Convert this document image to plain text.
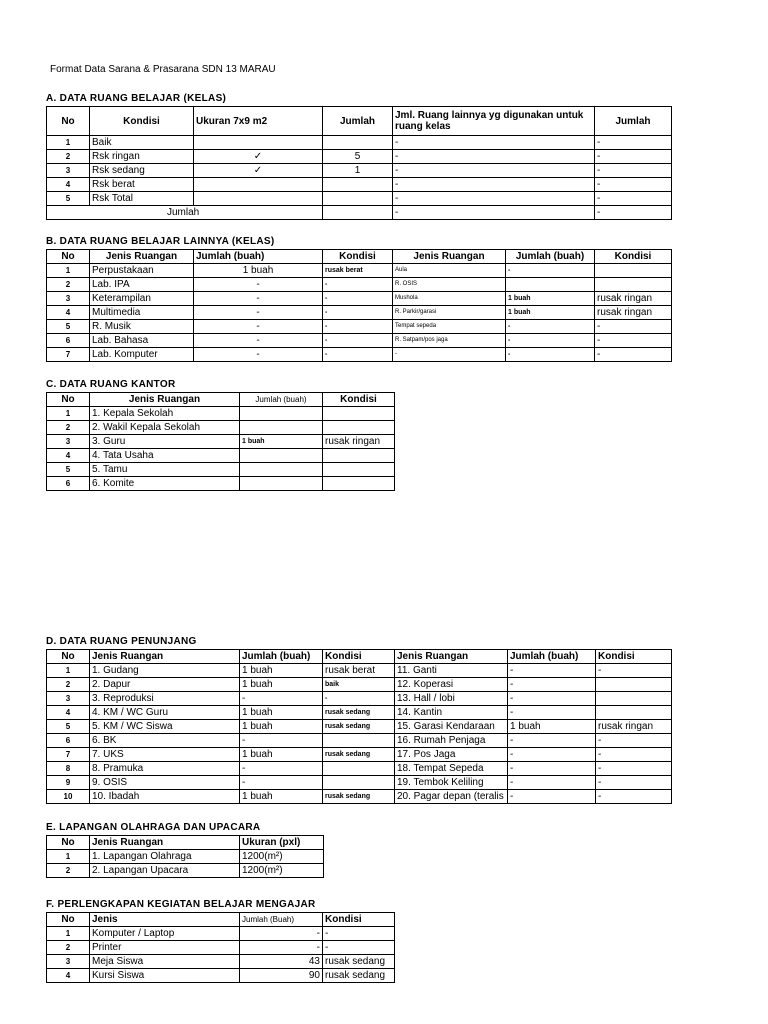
Format Data Sarana & Prasarana SDN 13 MARAU
A. DATA RUANG BELAJAR (KELAS)
No	Kondisi	Ukuran 7x9 m2	Jumlah	Jml. Ruang lainnya yg digunakan untuk ruang kelas	Jumlah
1	Baik			-	-
2	Rsk ringan	✓	5	-	-
3	Rsk sedang	✓	1	-	-
4	Rsk berat			-	-
5	Rsk Total			-	-
Jumlah				-	-
B. DATA RUANG BELAJAR LAINNYA (KELAS)
No	Jenis Ruangan	Jumlah (buah)	Kondisi	Jenis Ruangan	Jumlah (buah)	Kondisi
1	Perpustakaan	1 buah	rusak berat	Aula	-	
2	Lab. IPA	-	-	R. OSIS		
3	Keterampilan	-	-	Mushola	1 buah	rusak ringan
4	Multimedia	-	-	R. Parkir/garasi	1 buah	rusak ringan
5	R. Musik	-	-	Tempat sepeda	-	-
6	Lab. Bahasa	-	-	R. Satpam/pos jaga	-	-
7	Lab. Komputer	-	-	-	-	-
C. DATA RUANG KANTOR
No	Jenis Ruangan	Jumlah (buah)	Kondisi
1	1. Kepala Sekolah		
2	2. Wakil Kepala Sekolah		
3	3. Guru	1 buah	rusak ringan
4	4. Tata Usaha		
5	5. Tamu		
6	6. Komite		
D. DATA RUANG PENUNJANG
No	Jenis Ruangan	Jumlah (buah)	Kondisi	Jenis Ruangan	Jumlah (buah)	Kondisi
1	1. Gudang	1 buah	rusak berat	11. Ganti	-	-
2	2. Dapur	1 buah	baik	12. Koperasi	-	
3	3. Reproduksi	-	-	13. Hall / lobi	-	
4	4. KM / WC Guru	1 buah	rusak sedang	14. Kantin	-	
5	5. KM / WC Siswa	1 buah	rusak sedang	15. Garasi Kendaraan	1 buah	rusak ringan
6	6. BK	-		16. Rumah Penjaga	-	-
7	7. UKS	1 buah	rusak sedang	17. Pos Jaga	-	-
8	8. Pramuka	-		18. Tempat Sepeda	-	-
9	9. OSIS	-		19. Tembok Keliling	-	-
10	10. Ibadah	1 buah	rusak sedang	20. Pagar depan (teralis	-	-
E. LAPANGAN OLAHRAGA DAN UPACARA
No	Jenis Ruangan	Ukuran (pxl)
1	1. Lapangan Olahraga	1200(m²)
2	2. Lapangan Upacara	1200(m²)
F. PERLENGKAPAN KEGIATAN BELAJAR MENGAJAR
No	Jenis	Jumlah (Buah)	Kondisi
1	Komputer / Laptop	-	-
2	Printer	-	-
3	Meja Siswa	43	rusak sedang
4	Kursi Siswa	90	rusak sedang
